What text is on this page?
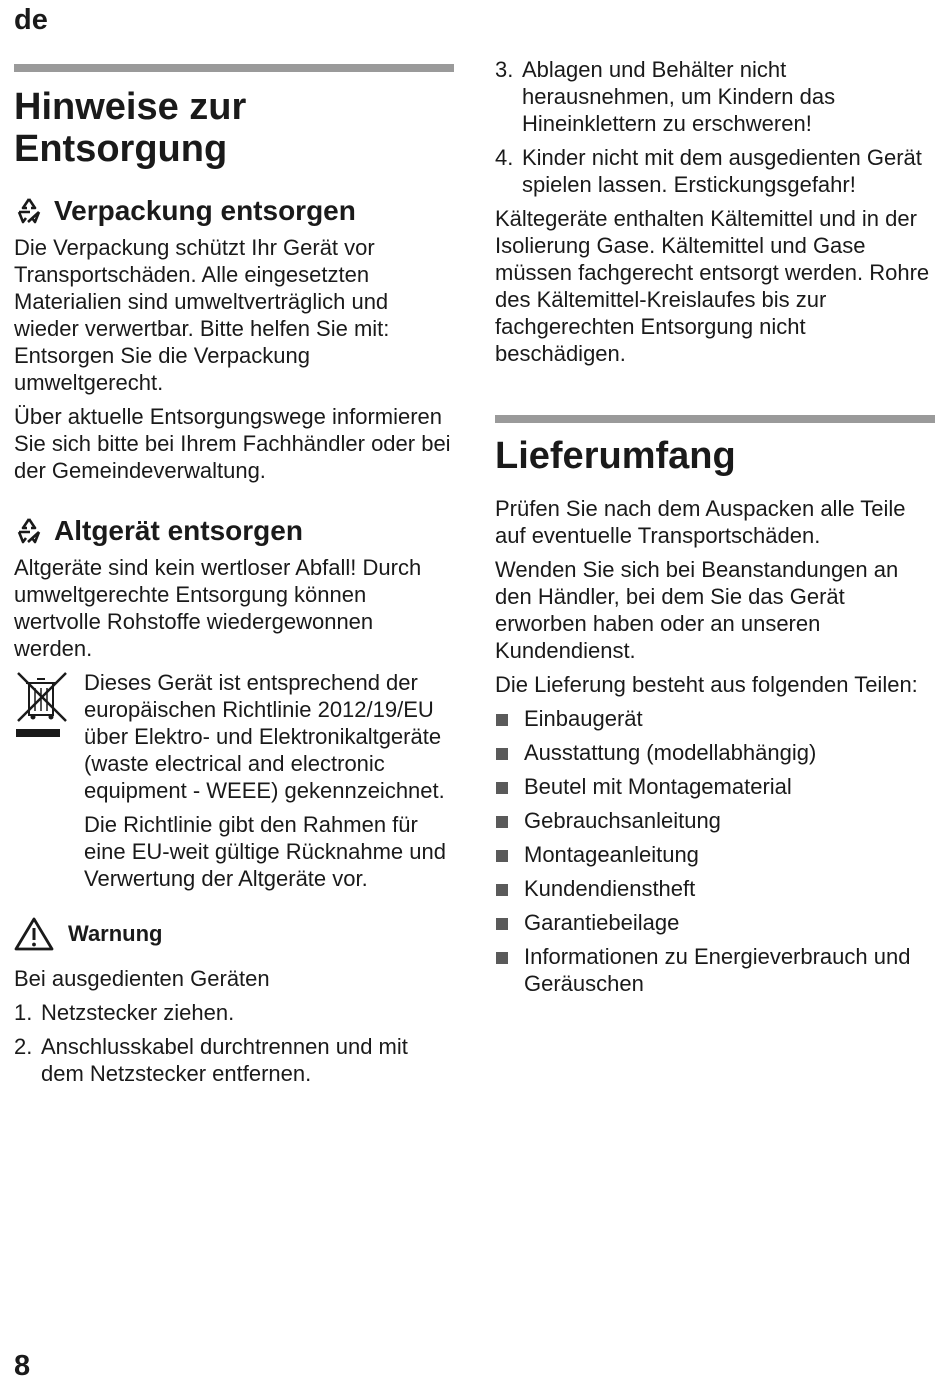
de
Hinweise zur Entsorgung
Verpackung entsorgen

Die Verpackung schützt Ihr Gerät vor Transportschäden. Alle eingesetzten Materialien sind umweltverträglich und wieder verwertbar. Bitte helfen Sie mit: Entsorgen Sie die Verpackung umweltgerecht.

Über aktuelle Entsorgungswege informieren Sie sich bitte bei Ihrem Fachhändler oder bei der Gemeindeverwaltung.

Altgerät entsorgen

Altgeräte sind kein wertloser Abfall! Durch umweltgerechte Entsorgung können wertvolle Rohstoffe wiedergewonnen werden.

Dieses Gerät ist entsprechend der europäischen Richtlinie 2012/19/EU über Elektro- und Elektronikaltgeräte (waste electrical and electronic equipment - WEEE) gekennzeichnet.

Die Richtlinie gibt den Rahmen für eine EU-weit gültige Rücknahme und Verwertung der Altgeräte vor.

Warnung

Bei ausgedienten Geräten

1. Netzstecker ziehen.
2. Anschlusskabel durchtrennen und mit dem Netzstecker entfernen.
3. Ablagen und Behälter nicht herausnehmen, um Kindern das Hineinklettern zu erschweren!
4. Kinder nicht mit dem ausgedienten Gerät spielen lassen. Erstickungsgefahr!

Kältegeräte enthalten Kältemittel und in der Isolierung Gase. Kältemittel und Gase müssen fachgerecht entsorgt werden. Rohre des Kältemittel-Kreislaufes bis zur fachgerechten Entsorgung nicht beschädigen.

Lieferumfang

Prüfen Sie nach dem Auspacken alle Teile auf eventuelle Transportschäden.

Wenden Sie sich bei Beanstandungen an den Händler, bei dem Sie das Gerät erworben haben oder an unseren Kundendienst.

Die Lieferung besteht aus folgenden Teilen:

Einbaugerät
Ausstattung (modellabhängig)
Beutel mit Montagematerial
Gebrauchsanleitung
Montageanleitung
Kundendienstheft
Garantiebeilage
Informationen zu Energieverbrauch und Geräuschen
8
